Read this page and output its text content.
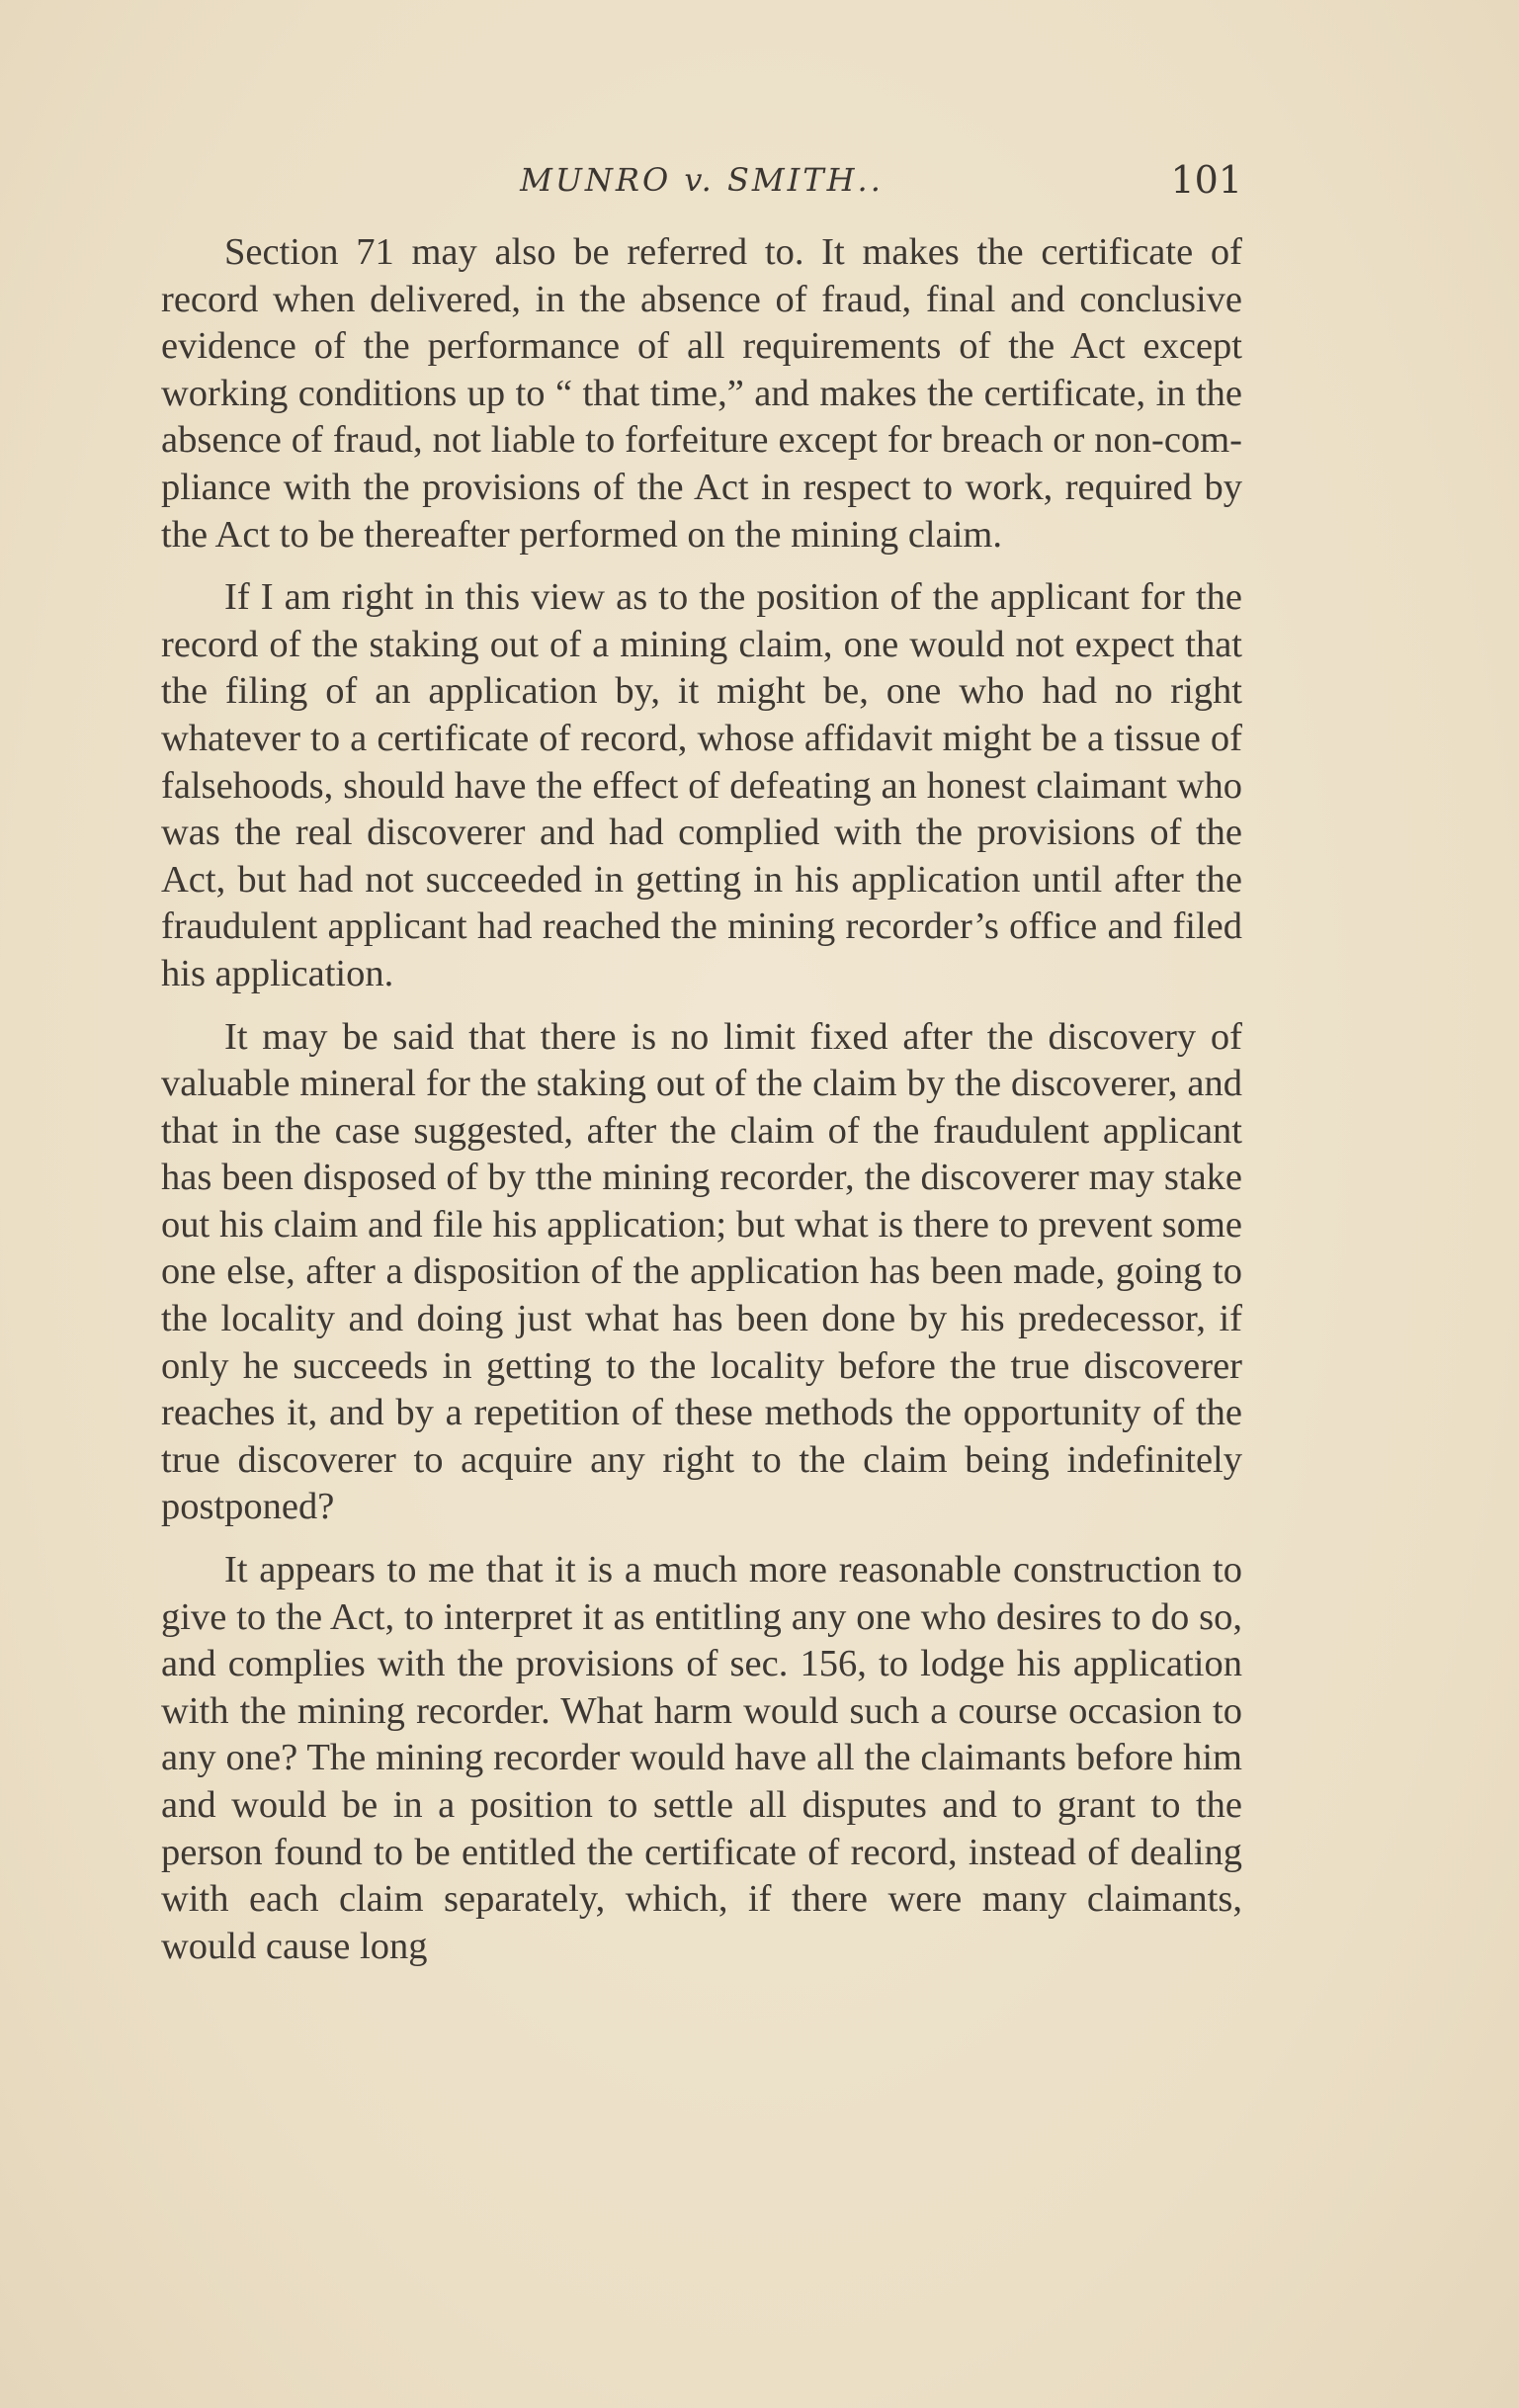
MUNRO v. SMITH..	101

Section 71 may also be referred to. It makes the certificate of record when delivered, in the absence of fraud, final and conclusive evidence of the performance of all requirements of the Act except working conditions up to “ that time,” and makes the certificate, in the absence of fraud, not liable to forfeiture except for breach or non-compliance with the provisions of the Act in respect to work, required by the Act to be thereafter performed on the mining claim.

If I am right in this view as to the position of the applicant for the record of the staking out of a mining claim, one would not expect that the filing of an application by, it might be, one who had no right whatever to a certificate of record, whose affidavit might be a tissue of falsehoods, should have the effect of defeating an honest claimant who was the real discoverer and had complied with the provisions of the Act, but had not succeeded in getting in his application until after the fraudulent applicant had reached the mining recorder’s office and filed his application.

It may be said that there is no limit fixed after the discovery of valuable mineral for the staking out of the claim by the discoverer, and that in the case suggested, after the claim of the fraudulent applicant has been disposed of by tthe mining recorder, the discoverer may stake out his claim and file his application; but what is there to prevent some one else, after a disposition of the application has been made, going to the locality and doing just what has been done by his predecessor, if only he succeeds in getting to the locality before the true discoverer reaches it, and by a repetition of these methods the opportunity of the true discoverer to acquire any right to the claim being indefinitely postponed?

It appears to me that it is a much more reasonable construction to give to the Act, to interpret it as entitling any one who desires to do so, and complies with the provisions of sec. 156, to lodge his application with the mining recorder. What harm would such a course occasion to any one? The mining recorder would have all the claimants before him and would be in a position to settle all disputes and to grant to the person found to be entitled the certificate of record, instead of dealing with each claim separately, which, if there were many claimants, would cause long
